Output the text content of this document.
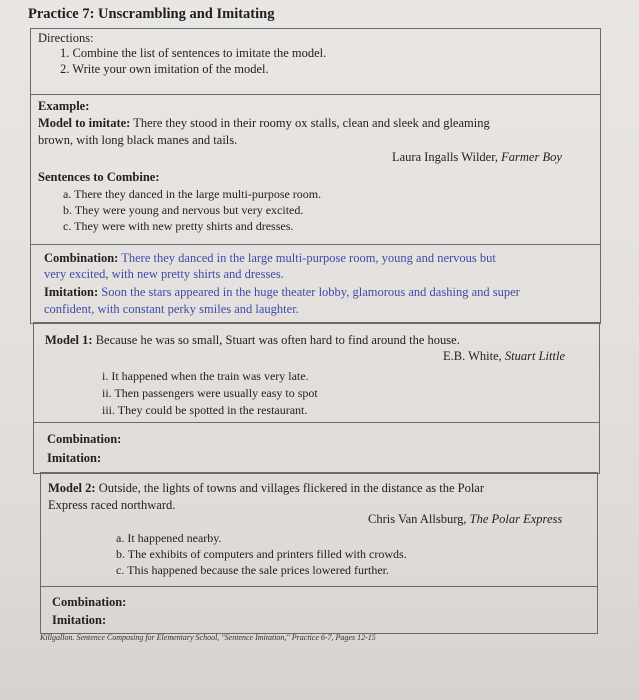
Practice 7: Unscrambling and Imitating
Directions:
1. Combine the list of sentences to imitate the model.
2. Write your own imitation of the model.
Example:
Model to imitate: There they stood in their roomy ox stalls, clean and sleek and gleaming
brown, with long black manes and tails.
Laura Ingalls Wilder, Farmer Boy
Sentences to Combine:
a. There they danced in the large multi-purpose room.
b. They were young and nervous but very excited.
c. They were with new pretty shirts and dresses.
Combination: There they danced in the large multi-purpose room, young and nervous but
very excited, with new pretty shirts and dresses.
Imitation: Soon the stars appeared in the huge theater lobby, glamorous and dashing and super
confident, with constant perky smiles and laughter.
Model 1: Because he was so small, Stuart was often hard to find around the house.
E.B. White, Stuart Little
i. It happened when the train was very late.
ii. Then passengers were usually easy to spot
iii. They could be spotted in the restaurant.
Combination:
Imitation:
Model 2: Outside, the lights of towns and villages flickered in the distance as the Polar
Express raced northward.
Chris Van Allsburg, The Polar Express
a. It happened nearby.
b. The exhibits of computers and printers filled with crowds.
c. This happened because the sale prices lowered further.
Combination:
Imitation:
Killgallon. Sentence Composing for Elementary School, "Sentence Imitation," Practice 6-7, Pages 12-15
